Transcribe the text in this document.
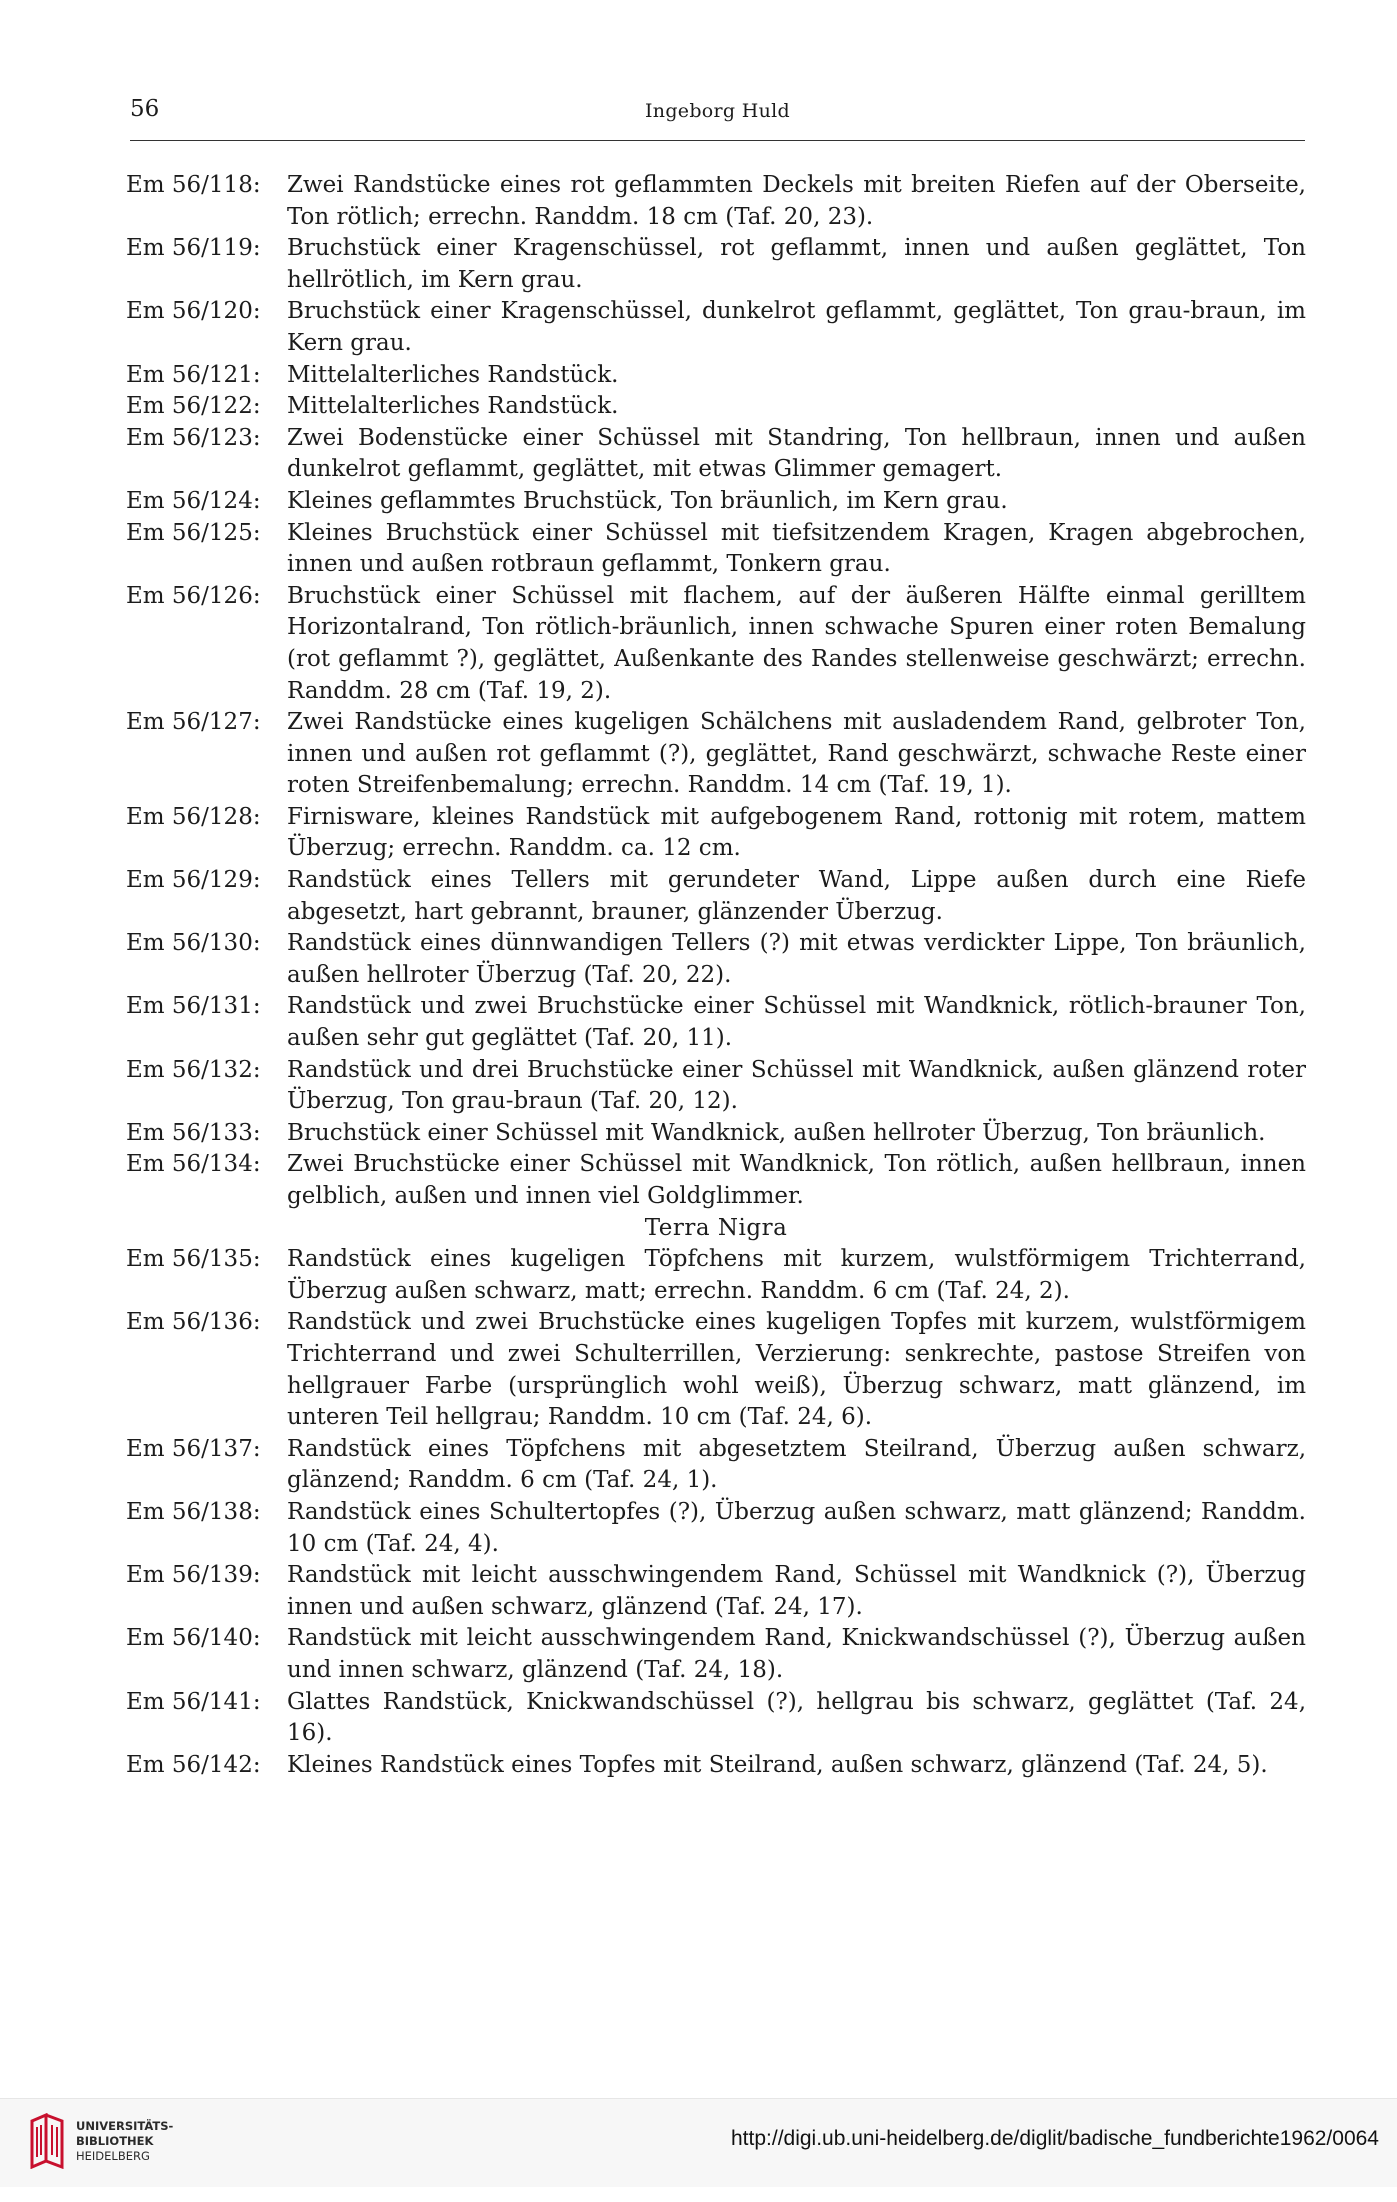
56	Ingeborg Huld
Em 56/118:	Zwei Randstücke eines rot geflammten Deckels mit breiten Riefen auf der Oberseite, Ton rötlich; errechn. Randdm. 18 cm (Taf. 20, 23).
Em 56/119:	Bruchstück einer Kragenschüssel, rot geflammt, innen und außen geglättet, Ton hellrötlich, im Kern grau.
Em 56/120:	Bruchstück einer Kragenschüssel, dunkelrot geflammt, geglättet, Ton grau-braun, im Kern grau.
Em 56/121:	Mittelalterliches Randstück.
Em 56/122:	Mittelalterliches Randstück.
Em 56/123:	Zwei Bodenstücke einer Schüssel mit Standring, Ton hellbraun, innen und außen dunkelrot geflammt, geglättet, mit etwas Glimmer gemagert.
Em 56/124:	Kleines geflammtes Bruchstück, Ton bräunlich, im Kern grau.
Em 56/125:	Kleines Bruchstück einer Schüssel mit tiefsitzendem Kragen, Kragen abgebrochen, innen und außen rotbraun geflammt, Tonkern grau.
Em 56/126:	Bruchstück einer Schüssel mit flachem, auf der äußeren Hälfte einmal gerilltem Horizontalrand, Ton rötlich-bräunlich, innen schwache Spuren einer roten Bemalung (rot geflammt ?), geglättet, Außenkante des Randes stellenweise geschwärzt; errechn. Randdm. 28 cm (Taf. 19, 2).
Em 56/127:	Zwei Randstücke eines kugeligen Schälchens mit ausladendem Rand, gelbroter Ton, innen und außen rot geflammt (?), geglättet, Rand geschwärzt, schwache Reste einer roten Streifenbemalung; errechn. Randdm. 14 cm (Taf. 19, 1).
Em 56/128:	Firniswаre, kleines Randstück mit aufgebogenem Rand, rottonig mit rotem, mattem Überzug; errechn. Randdm. ca. 12 cm.
Em 56/129:	Randstück eines Tellers mit gerundeter Wand, Lippe außen durch eine Riefe abgesetzt, hart gebrannt, brauner, glänzender Überzug.
Em 56/130:	Randstück eines dünnwandigen Tellers (?) mit etwas verdickter Lippe, Ton bräunlich, außen hellroter Überzug (Taf. 20, 22).
Em 56/131:	Randstück und zwei Bruchstücke einer Schüssel mit Wandknick, rötlich-brauner Ton, außen sehr gut geglättet (Taf. 20, 11).
Em 56/132:	Randstück und drei Bruchstücke einer Schüssel mit Wandknick, außen glänzend roter Überzug, Ton grau-braun (Taf. 20, 12).
Em 56/133:	Bruchstück einer Schüssel mit Wandknick, außen hellroter Überzug, Ton bräunlich.
Em 56/134:	Zwei Bruchstücke einer Schüssel mit Wandknick, Ton rötlich, außen hellbraun, innen gelblich, außen und innen viel Goldglimmer.
Terra Nigra
Em 56/135:	Randstück eines kugeligen Töpfchens mit kurzem, wulstförmigem Trichterrand, Überzug außen schwarz, matt; errechn. Randdm. 6 cm (Taf. 24, 2).
Em 56/136:	Randstück und zwei Bruchstücke eines kugeligen Topfes mit kurzem, wulstförmigem Trichterrand und zwei Schulterrillen, Verzierung: senkrechte, pastose Streifen von hellgrauer Farbe (ursprünglich wohl weiß), Überzug schwarz, matt glänzend, im unteren Teil hellgrau; Randdm. 10 cm (Taf. 24, 6).
Em 56/137:	Randstück eines Töpfchens mit abgesetztem Steilrand, Überzug außen schwarz, glänzend; Randdm. 6 cm (Taf. 24, 1).
Em 56/138:	Randstück eines Schultertopfes (?), Überzug außen schwarz, matt glänzend; Randdm. 10 cm (Taf. 24, 4).
Em 56/139:	Randstück mit leicht ausschwingendem Rand, Schüssel mit Wandknick (?), Überzug innen und außen schwarz, glänzend (Taf. 24, 17).
Em 56/140:	Randstück mit leicht ausschwingendem Rand, Knickwandschüssel (?), Überzug außen und innen schwarz, glänzend (Taf. 24, 18).
Em 56/141:	Glattes Randstück, Knickwandschüssel (?), hellgrau bis schwarz, geglättet (Taf. 24, 16).
Em 56/142:	Kleines Randstück eines Topfes mit Steilrand, außen schwarz, glänzend (Taf. 24, 5).
UNIVERSITÄTS-
BIBLIOTHEK
HEIDELBERG
http://digi.ub.uni-heidelberg.de/diglit/badische_fundberichte1962/0064
